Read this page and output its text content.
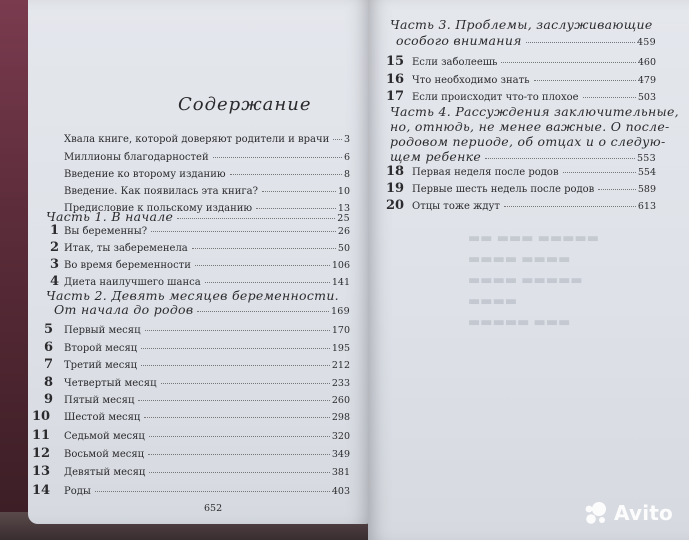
Содержание
Хвала книге, которой доверяют родители и врачи 3
Миллионы благодарностей	6
Введение ко второму изданию	8
Введение. Как появилась эта книга?	10
Предисловие к польскому изданию	13
Часть 1. В начале	25
1 Вы беременны?	26
2 Итак, ты забеременела	50
3 Во время беременности	106
4 Диета наилучшего шанса	141
Часть 2. Девять месяцев беременности.
От начала до родов	169
5	Первый месяц	170
6	Второй месяц	195
7	Третий месяц	212
8	Четвертый месяц	233
9	Пятый месяц	260
10	Шестой месяц	298
11	Седьмой месяц	320
12	Восьмой месяц	349
13	Девятый месяц	381
14	Роды	403
652
▬▬ ▬▬▬ ▬▬▬▬▬
▬▬▬▬ ▬▬▬▬
▬▬▬▬ ▬▬▬▬▬
▬▬▬▬
▬▬▬▬▬ ▬▬▬
Часть 3. Проблемы, заслуживающие
особого внимания	459
15 Если заболеешь	460
16 Что необходимо знать	479
17 Если происходит что-то плохое	503
Часть 4. Рассуждения заключительные,
но, отнюдь, не менее важные. О после-
родовом периоде, об отцах и о следую-
щем ребенке	553
18 Первая неделя после родов	554
19 Первые шесть недель после родов	589
20 Отцы тоже ждут	613
Avito
